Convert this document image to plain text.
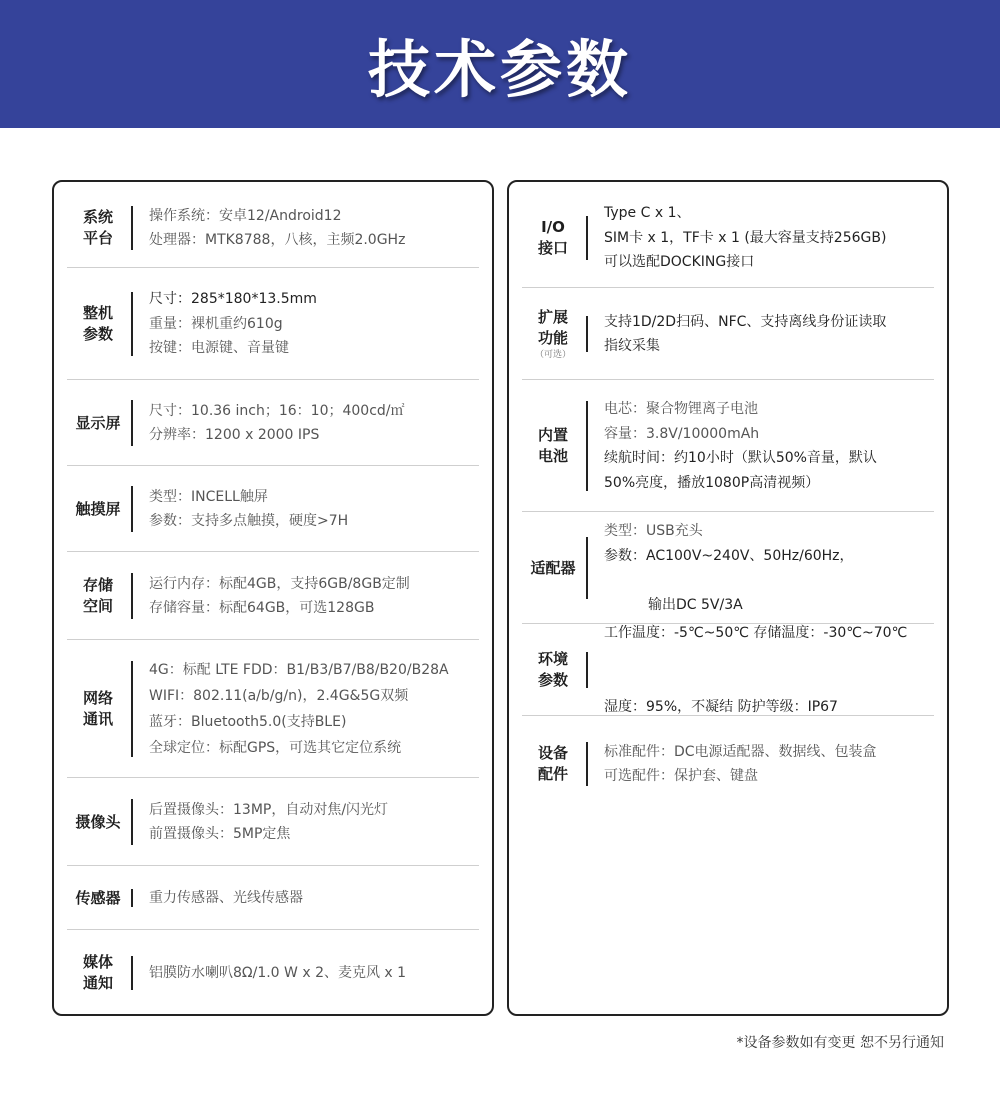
技术参数
系统
平台
操作系统：安卓12/Android12
处理器：MTK8788，八核，主频2.0GHz
整机
参数
尺寸：285*180*13.5mm
重量：裸机重约610g
按键：电源键、音量键
显示屏
尺寸：10.36 inch；16：10；400cd/㎡
分辨率：1200 x 2000 IPS
触摸屏
类型：INCELL触屏
参数：支持多点触摸，硬度>7H
存储
空间
运行内存：标配4GB，支持6GB/8GB定制
存储容量：标配64GB，可选128GB
网络
通讯
4G：标配 LTE FDD：B1/B3/B7/B8/B20/B28A
WIFI：802.11(a/b/g/n)，2.4G&5G双频
蓝牙：Bluetooth5.0(支持BLE)
全球定位：标配GPS，可选其它定位系统
摄像头
后置摄像头：13MP，自动对焦/闪光灯
前置摄像头：5MP定焦
传感器 重力传感器、光线传感器
媒体
通知
铝膜防水喇叭8Ω/1.0 W x 2、麦克风 x 1
I/O
接口
Type C x 1、
SIM卡 x 1，TF卡 x 1 (最大容量支持256GB)
可以选配DOCKING接口
扩展
功能
（可选）
支持1D/2D扫码、NFC、支持离线身份证读取
指纹采集
内置
电池
电芯：聚合物锂离子电池
容量：3.8V/10000mAh
续航时间：约10小时（默认50%音量，默认
50%亮度，播放1080P高清视频）
适配器
类型：USB充头
参数：AC100V~240V、50Hz/60Hz，

输出DC 5V/3A
环境
参数

工作温度：-5℃~50℃ 存储温度：-30℃~70℃

湿度：95%，不凝结 防护等级：IP67

设备
配件
标准配件：DC电源适配器、数据线、包装盒
可选配件：保护套、键盘
*设备参数如有变更 恕不另行通知
